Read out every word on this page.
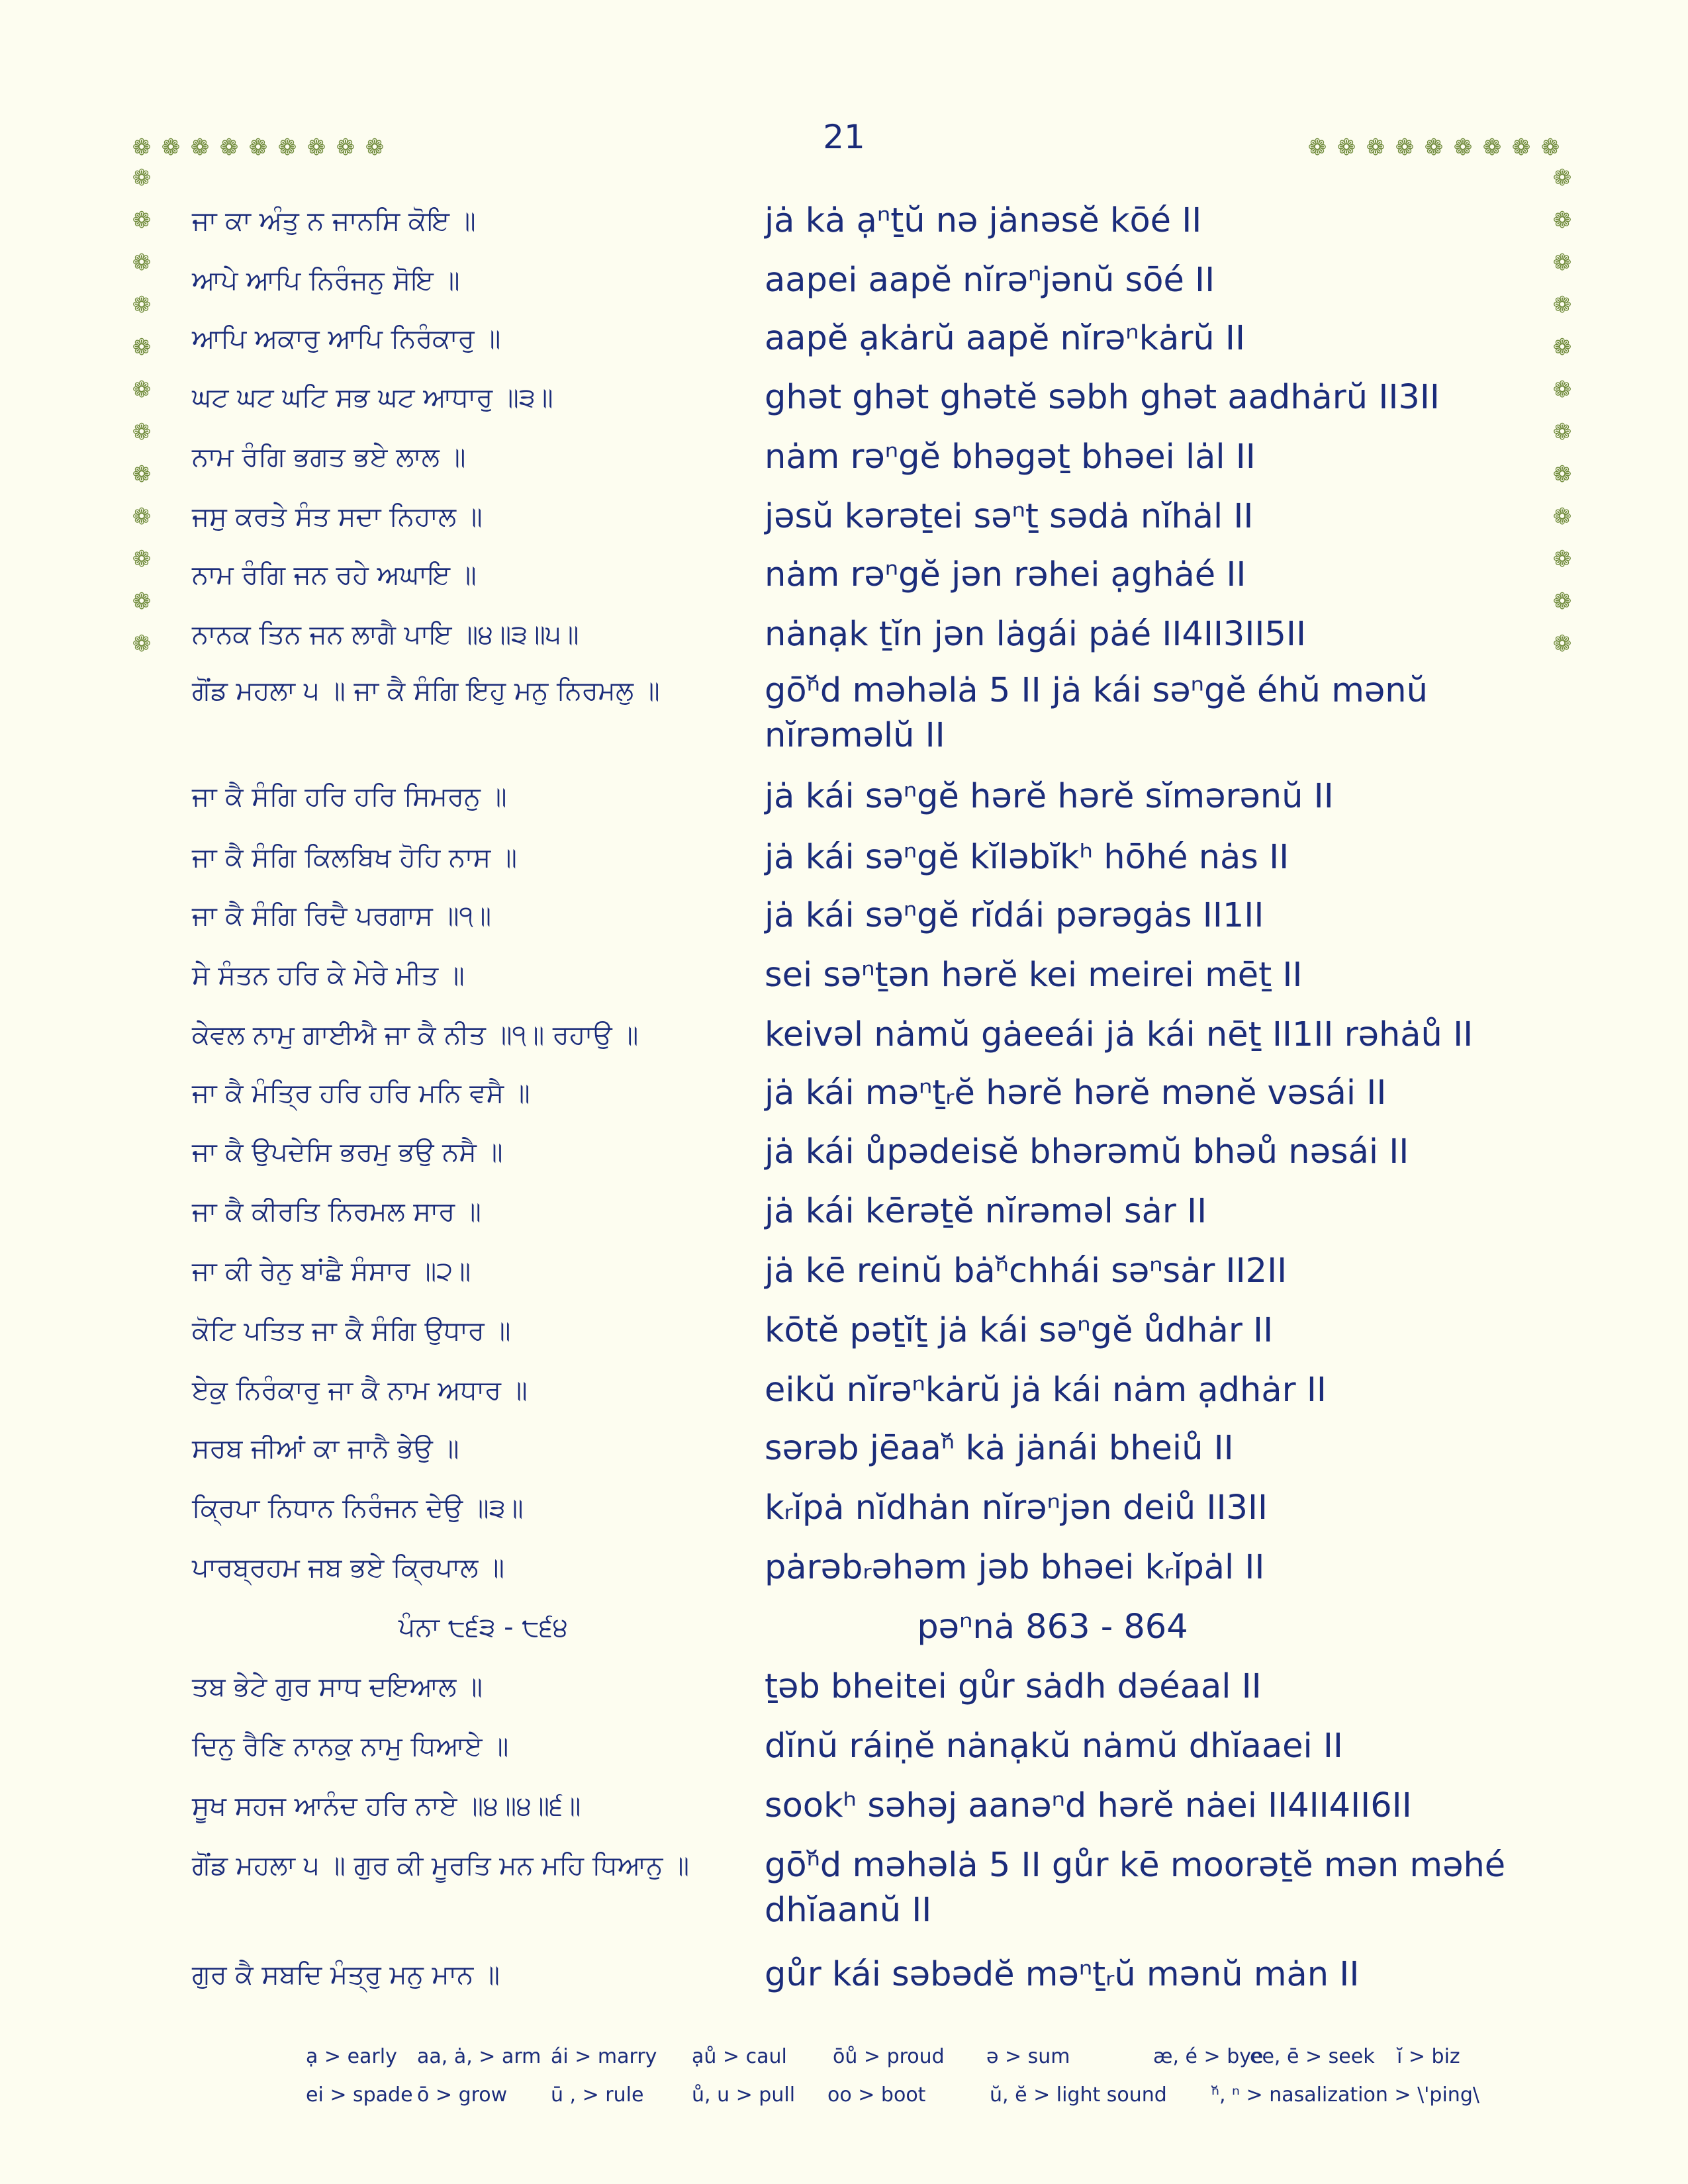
21
❁ ❁ ❁ ❁ ❁ ❁ ❁ ❁ ❁	❁ ❁ ❁ ❁ ❁ ❁ ❁ ❁ ❁
❁
❁
❁
❁
❁
❁
❁
❁
❁
❁
❁
❁
❁
❁
❁
❁
❁
❁
❁
❁
❁
❁
❁
❁
ਜਾ ਕਾ ਅੰਤੁ ਨ ਜਾਨਸਿ ਕੋਇ ॥	jȧ kȧ ạⁿṯŭ nə jȧnəsĕ kōé II
ਆਪੇ ਆਪਿ ਨਿਰੰਜਨੁ ਸੋਇ ॥	aapei aapĕ nĭrəⁿjənŭ sōé II
ਆਪਿ ਅਕਾਰੁ ਆਪਿ ਨਿਰੰਕਾਰੁ ॥	aapĕ ạkȧrŭ aapĕ nĭrəⁿkȧrŭ II
ਘਟ ਘਟ ਘਟਿ ਸਭ ਘਟ ਆਧਾਰੁ ॥੩॥	ghət ghət ghətĕ səbh ghət aadhȧrŭ II3II
ਨਾਮ ਰੰਗਿ ਭਗਤ ਭਏ ਲਾਲ ॥	nȧm rəⁿgĕ bhəgəṯ bhəei lȧl II
ਜਸੁ ਕਰਤੇ ਸੰਤ ਸਦਾ ਨਿਹਾਲ ॥	jəsŭ kərəṯei səⁿṯ sədȧ nĭhȧl II
ਨਾਮ ਰੰਗਿ ਜਨ ਰਹੇ ਅਘਾਇ ॥	nȧm rəⁿgĕ jən rəhei ạghȧé II
ਨਾਨਕ ਤਿਨ ਜਨ ਲਾਗੈ ਪਾਇ ॥੪॥੩॥੫॥	nȧnạk ṯĭn jən lȧgái pȧé II4II3II5II
ਗੋਂਡ ਮਹਲਾ ੫ ॥ ਜਾ ਕੈ ਸੰਗਿ ਇਹੁ ਮਨੁ ਨਿਰਮਲੁ ॥	gōⁿ̆d məhəlȧ 5 II jȧ kái səⁿgĕ éhŭ mənŭ nĭrəməlŭ II
ਜਾ ਕੈ ਸੰਗਿ ਹਰਿ ਹਰਿ ਸਿਮਰਨੁ ॥	jȧ kái səⁿgĕ hərĕ hərĕ sĭmərənŭ II
ਜਾ ਕੈ ਸੰਗਿ ਕਿਲਬਿਖ ਹੋਹਿ ਨਾਸ ॥	jȧ kái səⁿgĕ kĭləbĭkʰ hōhé nȧs II
ਜਾ ਕੈ ਸੰਗਿ ਰਿਦੈ ਪਰਗਾਸ ॥੧॥	jȧ kái səⁿgĕ rĭdái pərəgȧs II1II
ਸੇ ਸੰਤਨ ਹਰਿ ਕੇ ਮੇਰੇ ਮੀਤ ॥	sei səⁿṯən hərĕ kei meirei mēṯ II
ਕੇਵਲ ਨਾਮੁ ਗਾਈਐ ਜਾ ਕੈ ਨੀਤ ॥੧॥ ਰਹਾਉ ॥	keivəl nȧmŭ gȧeeái jȧ kái nēṯ II1II rəhȧů II
ਜਾ ਕੈ ਮੰਤ੍ਰਿ ਹਰਿ ਹਰਿ ਮਨਿ ਵਸੈ ॥	jȧ kái məⁿṯᵣĕ hərĕ hərĕ mənĕ vəsái II
ਜਾ ਕੈ ਉਪਦੇਸਿ ਭਰਮੁ ਭਉ ਨਸੈ ॥	jȧ kái ůpədeisĕ bhərəmŭ bhəů nəsái II
ਜਾ ਕੈ ਕੀਰਤਿ ਨਿਰਮਲ ਸਾਰ ॥	jȧ kái kērəṯĕ nĭrəməl sȧr II
ਜਾ ਕੀ ਰੇਨੁ ਬਾਂਛੈ ਸੰਸਾਰ ॥੨॥	jȧ kē reinŭ bȧⁿ̆chhái səⁿsȧr II2II
ਕੋਟਿ ਪਤਿਤ ਜਾ ਕੈ ਸੰਗਿ ਉਧਾਰ ॥	kōtĕ pəṯĭṯ jȧ kái səⁿgĕ ůdhȧr II
ਏਕੁ ਨਿਰੰਕਾਰੁ ਜਾ ਕੈ ਨਾਮ ਅਧਾਰ ॥	eikŭ nĭrəⁿkȧrŭ jȧ kái nȧm ạdhȧr II
ਸਰਬ ਜੀਆਂ ਕਾ ਜਾਨੈ ਭੇਉ ॥	sərəb jēaaⁿ̆ kȧ jȧnái bheiů II
ਕ੍ਰਿਪਾ ਨਿਧਾਨ ਨਿਰੰਜਨ ਦੇਉ ॥੩॥	kᵣĭpȧ nĭdhȧn nĭrəⁿjən deiů II3II
ਪਾਰਬ੍ਰਹਮ ਜਬ ਭਏ ਕ੍ਰਿਪਾਲ ॥	pȧrəbᵣəhəm jəb bhəei kᵣĭpȧl II
ਪੰਨਾ ੮੬੩ - ੮੬੪	pəⁿnȧ 863 - 864
ਤਬ ਭੇਟੇ ਗੁਰ ਸਾਧ ਦਇਆਲ ॥	ṯəb bheitei gůr sȧdh dəéaal II
ਦਿਨੁ ਰੈਣਿ ਨਾਨਕੁ ਨਾਮੁ ਧਿਆਏ ॥	dĭnŭ ráiṇĕ nȧnạkŭ nȧmŭ dhĭaaei II
ਸੂਖ ਸਹਜ ਆਨੰਦ ਹਰਿ ਨਾਏ ॥੪॥੪॥੬॥	sookʰ səhəj aanəⁿd hərĕ nȧei II4II4II6II
ਗੋਂਡ ਮਹਲਾ ੫ ॥ ਗੁਰ ਕੀ ਮੂਰਤਿ ਮਨ ਮਹਿ ਧਿਆਨੁ ॥	gōⁿ̆d məhəlȧ 5 II gůr kē moorəṯĕ mən məhé dhĭaanŭ II
ਗੁਰ ਕੈ ਸਬਦਿ ਮੰਤ੍ਰੁ ਮਨੁ ਮਾਨ ॥	gůr kái səbədĕ məⁿṯᵣŭ mənŭ mȧn II
ạ > early aa, ȧ, > arm ái > marry ạů > caul ōů > proud ə > sum	æ, é > bye
ee, ē > seek ĭ > biz
ei > spade ō > grow ū , > rule ů, u > pull oo > boot	ŭ, ĕ > light sound ⁿ̆, ⁿ > nasalization > \'ping\
